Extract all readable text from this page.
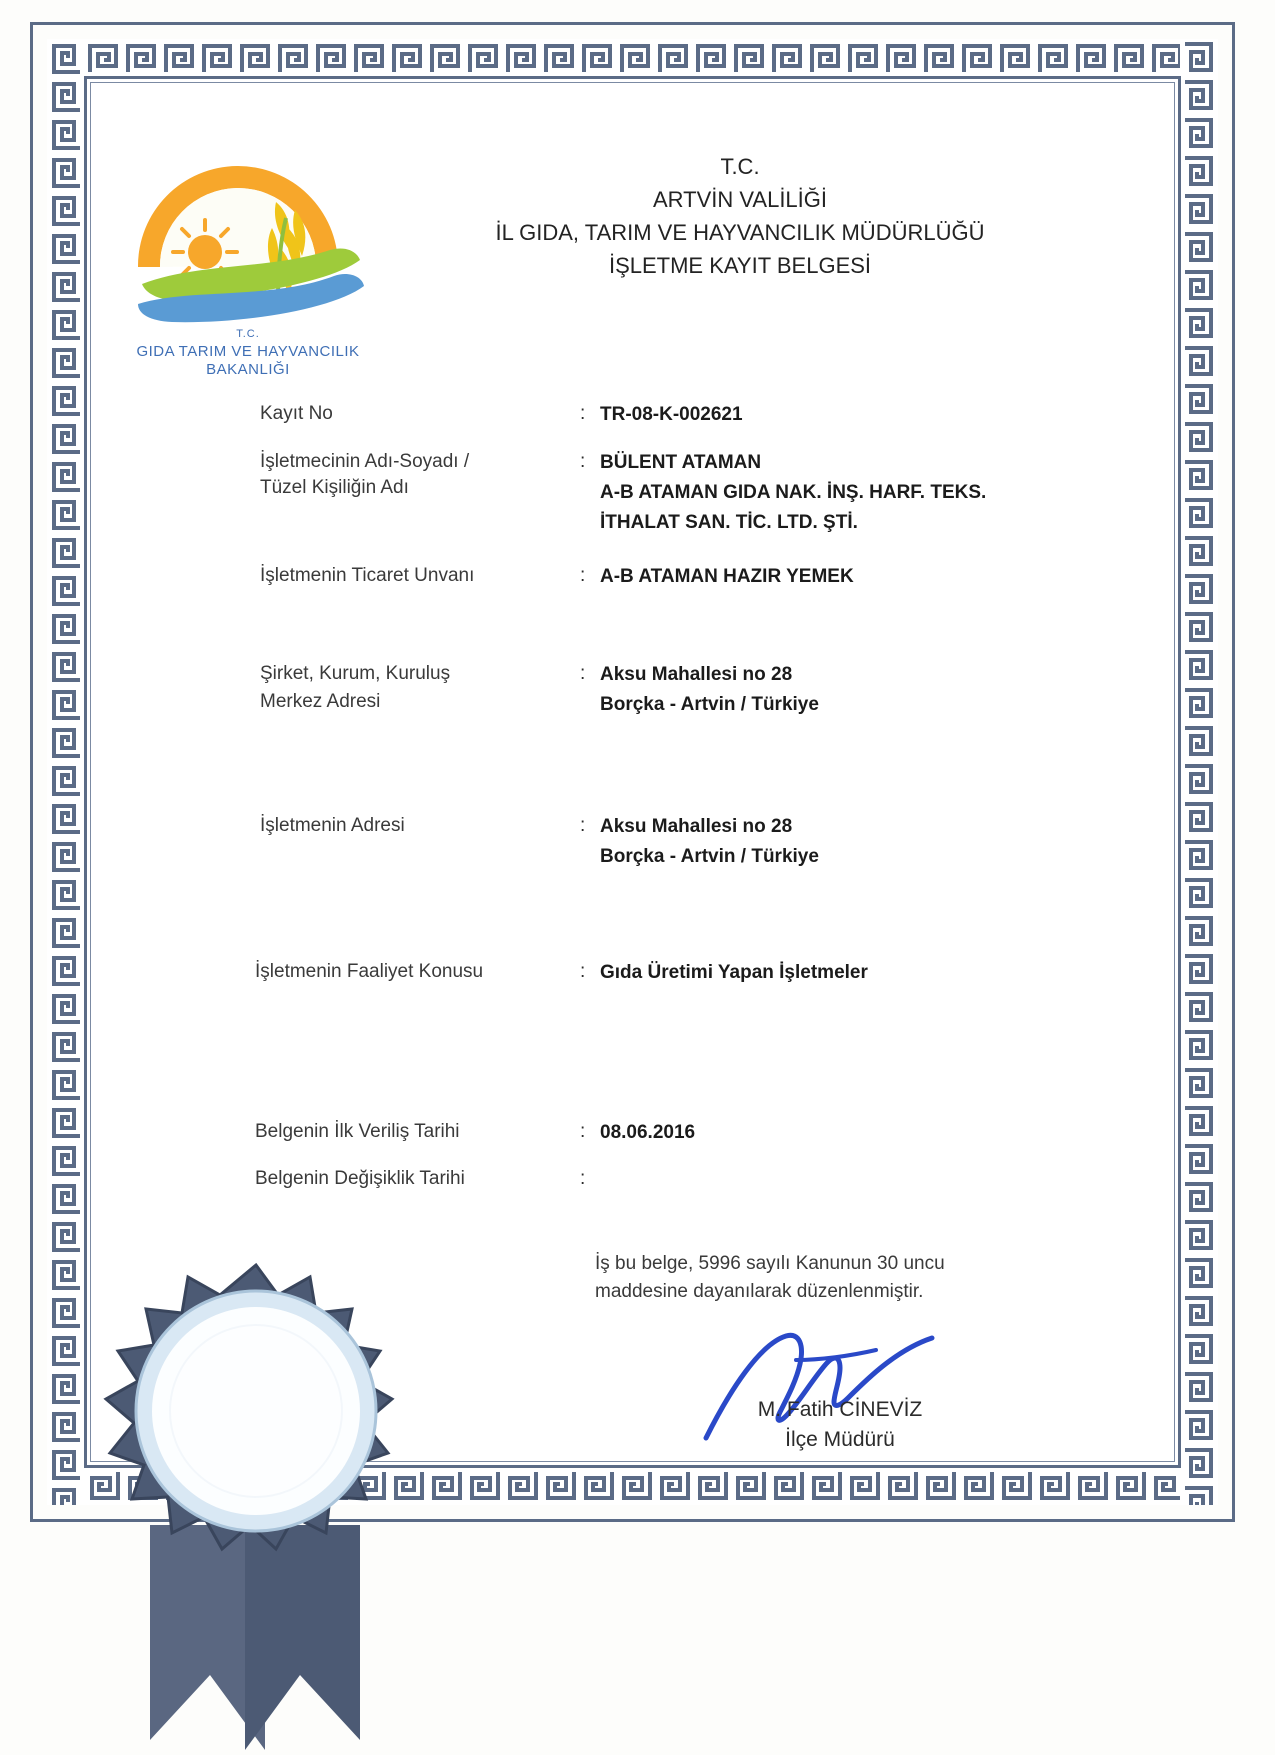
T.C.
GIDA TARIM VE HAYVANCILIK
BAKANLIĞI
T.C.
ARTVİN VALİLİĞİ
İL GIDA, TARIM VE HAYVANCILIK MÜDÜRLÜĞÜ
İŞLETME KAYIT BELGESİ
Kayıt No	: TR-08-K-002621
İşletmecinin Adı-Soyadı /
Tüzel Kişiliğin Adı
: BÜLENT ATAMAN
A-B ATAMAN GIDA NAK. İNŞ. HARF. TEKS.
İTHALAT SAN. TİC. LTD. ŞTİ.
İşletmenin Ticaret Unvanı	: A-B ATAMAN HAZIR YEMEK
Şirket, Kurum, Kuruluş
Merkez Adresi
: Aksu Mahallesi no 28
Borçka - Artvin / Türkiye
İşletmenin Adresi	: Aksu Mahallesi no 28
Borçka - Artvin / Türkiye
İşletmenin Faaliyet Konusu	: Gıda Üretimi Yapan İşletmeler
Belgenin İlk Veriliş Tarihi	: 08.06.2016
Belgenin Değişiklik Tarihi	:
İş bu belge, 5996 sayılı Kanunun 30 uncu
maddesine dayanılarak düzenlenmiştir.
M. Fatih CİNEVİZ
İlçe Müdürü
